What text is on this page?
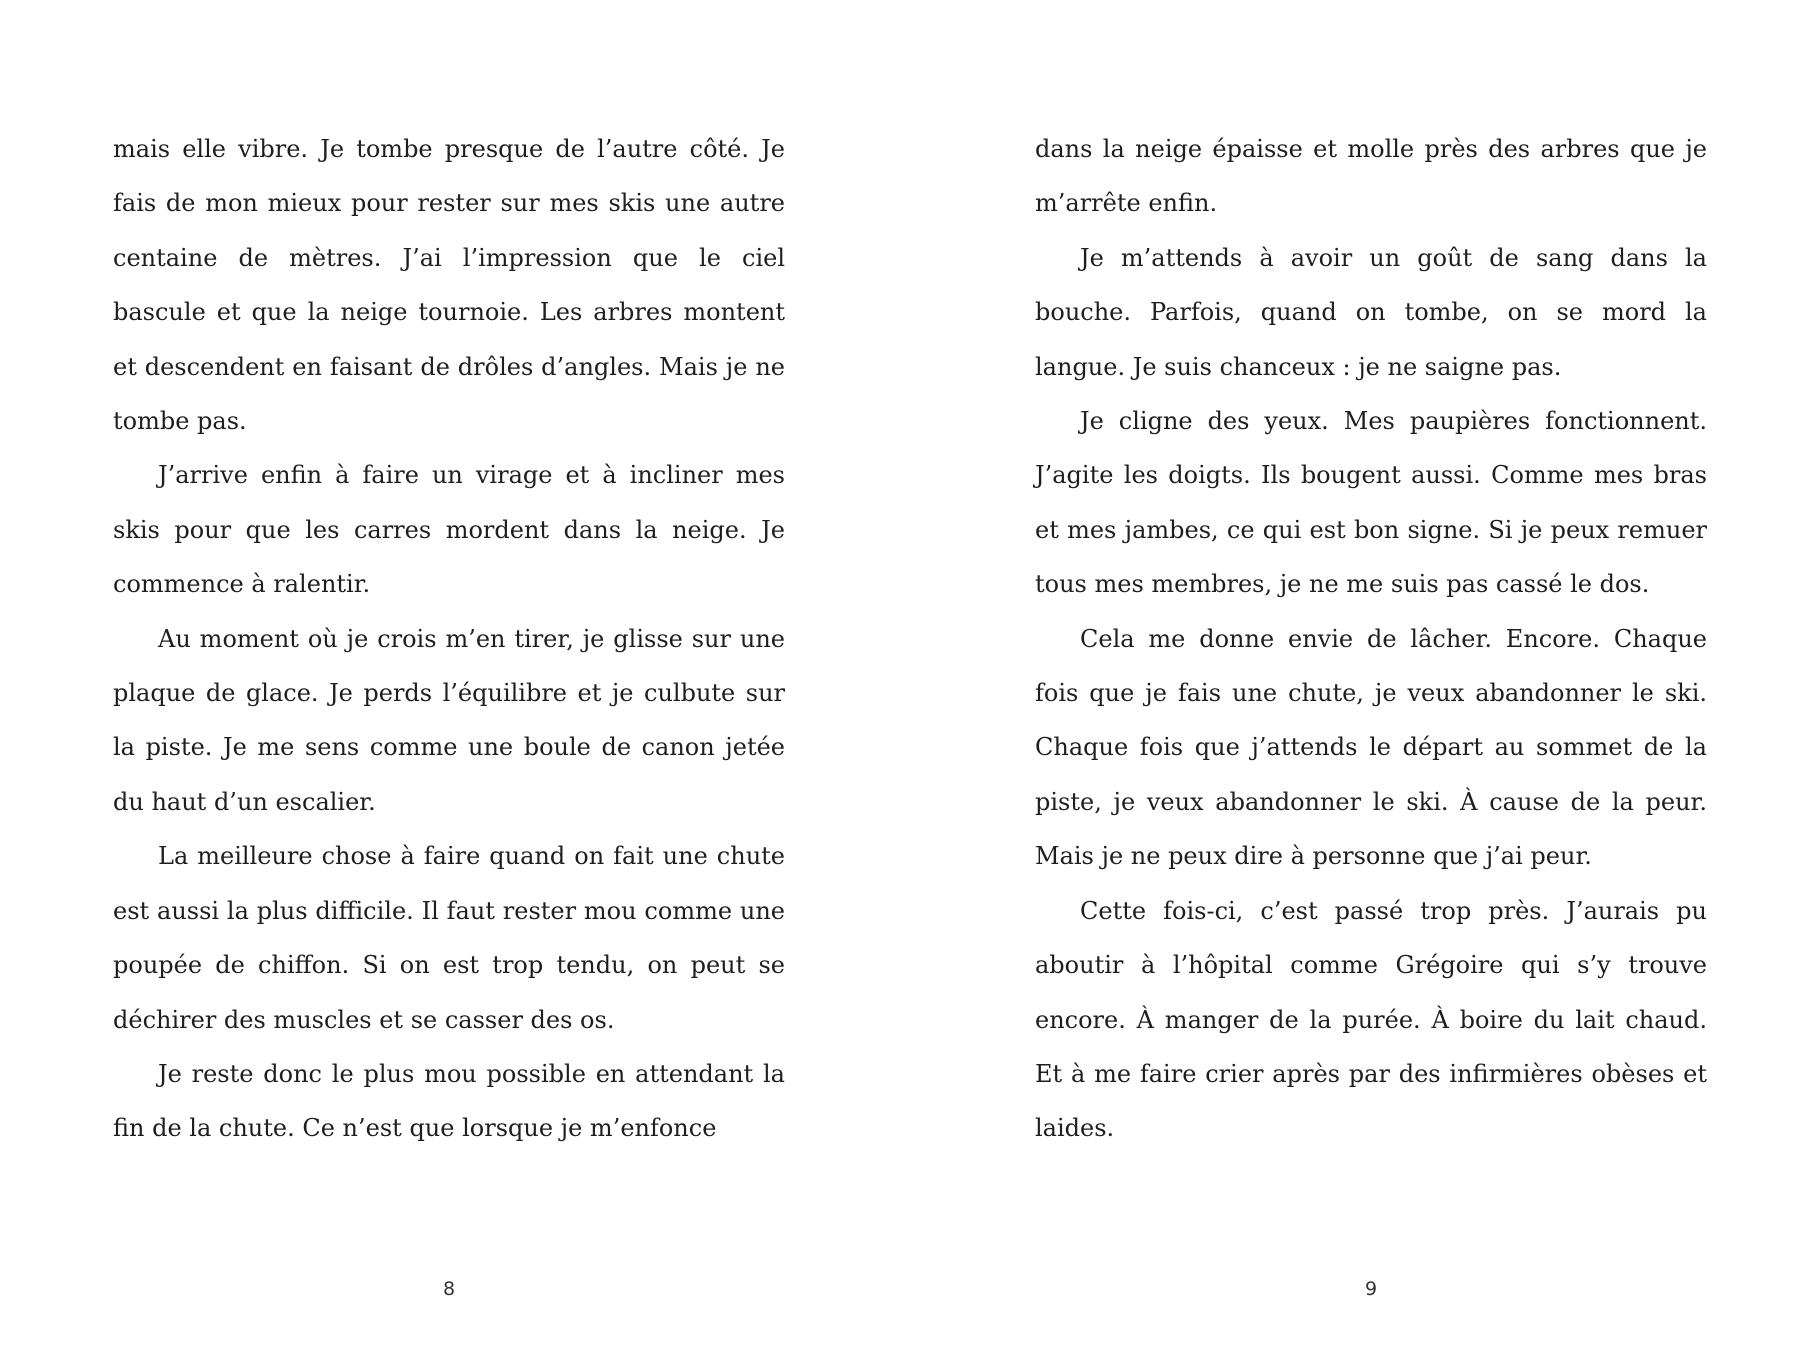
mais elle vibre. Je tombe presque de l’autre côté. Je fais de mon mieux pour rester sur mes skis une autre centaine de mètres. J’ai l’impression que le ciel bascule et que la neige tournoie. Les arbres montent et descendent en faisant de drôles d’angles. Mais je ne tombe pas.

J’arrive enfin à faire un virage et à incliner mes skis pour que les carres mordent dans la neige. Je commence à ralentir.

Au moment où je crois m’en tirer, je glisse sur une plaque de glace. Je perds l’équilibre et je culbute sur la piste. Je me sens comme une boule de canon jetée du haut d’un escalier.

La meilleure chose à faire quand on fait une chute est aussi la plus difficile. Il faut rester mou comme une poupée de chiffon. Si on est trop tendu, on peut se déchirer des muscles et se casser des os.

Je reste donc le plus mou possible en attendant la fin de la chute. Ce n’est que lorsque je m’enfonce

8

dans la neige épaisse et molle près des arbres que je m’arrête enfin.

Je m’attends à avoir un goût de sang dans la bouche. Parfois, quand on tombe, on se mord la langue. Je suis chanceux : je ne saigne pas.

Je cligne des yeux. Mes paupières fonctionnent. J’agite les doigts. Ils bougent aussi. Comme mes bras et mes jambes, ce qui est bon signe. Si je peux remuer tous mes membres, je ne me suis pas cassé le dos.

Cela me donne envie de lâcher. Encore. Chaque fois que je fais une chute, je veux abandonner le ski. Chaque fois que j’attends le départ au sommet de la piste, je veux abandonner le ski. À cause de la peur. Mais je ne peux dire à personne que j’ai peur.

Cette fois-ci, c’est passé trop près. J’aurais pu aboutir à l’hôpital comme Grégoire qui s’y trouve encore. À manger de la purée. À boire du lait chaud. Et à me faire crier après par des infirmières obèses et laides.

9
